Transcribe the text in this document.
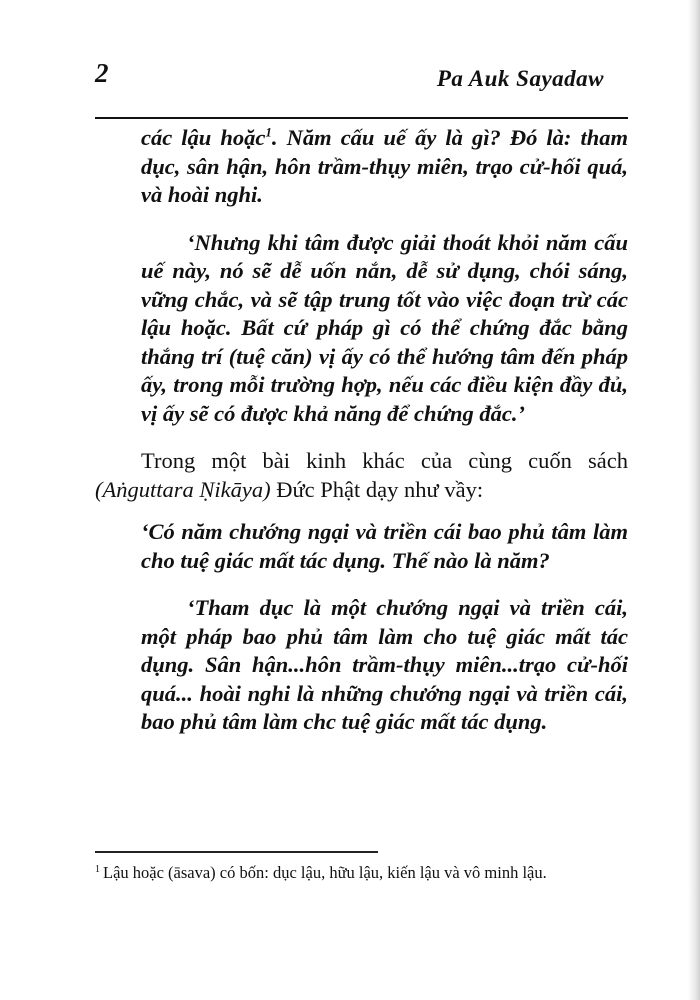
2	Pa Auk Sayadaw

các lậu hoặc$^1$. Năm cấu uế ấy là gì? Đó là: tham dục, sân hận, hôn trầm-thụy miên, trạo cử-hối quá, và hoài nghi.

‘Nhưng khi tâm được giải thoát khỏi năm cấu uế này, nó sẽ dễ uốn nắn, dễ sử dụng, chói sáng, vững chắc, và sẽ tập trung tốt vào việc đoạn trừ các lậu hoặc. Bất cứ pháp gì có thể chứng đắc bằng thắng trí (tuệ căn) vị ấy có thể hướng tâm đến pháp ấy, trong mỗi trường hợp, nếu các điều kiện đầy đủ, vị ấy sẽ có được khả năng để chứng đắc.’

Trong một bài kinh khác của cùng cuốn sách (Aṅguttara Ṇikāya) Đức Phật dạy như vầy:

‘Có năm chướng ngại và triền cái bao phủ tâm làm cho tuệ giác mất tác dụng. Thế nào là năm?

‘Tham dục là một chướng ngại và triền cái, một pháp bao phủ tâm làm cho tuệ giác mất tác dụng. Sân hận...hôn trầm-thụy miên...trạo cử-hối quá... hoài nghi là những chướng ngại và triền cái, bao phủ tâm làm chc tuệ giác mất tác dụng.

$^1$ Lậu hoặc (āsava) có bốn: dục lậu, hữu lậu, kiến lậu và vô minh lậu.
